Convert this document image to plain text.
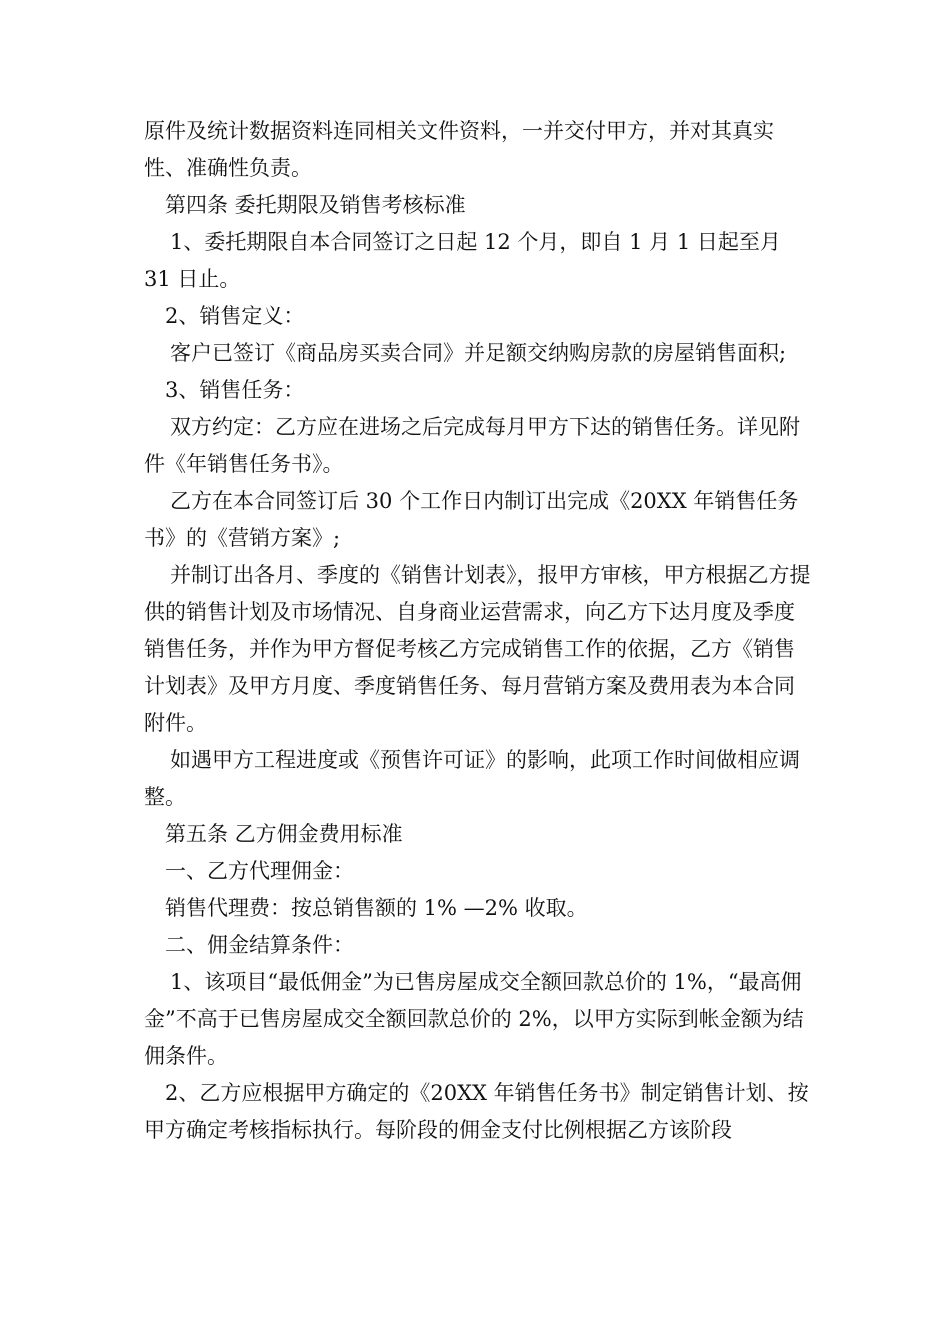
原件及统计数据资料连同相关文件资料，一并交付甲方，并对其真实性、准确性负责。

第四条 委托期限及销售考核标准

1、委托期限自本合同签订之日起 12 个月，即自 1 月 1 日起至月 31 日止。

2、销售定义：

客户已签订《商品房买卖合同》并足额交纳购房款的房屋销售面积;

3、销售任务：

双方约定：乙方应在进场之后完成每月甲方下达的销售任务。详见附件《年销售任务书》。

乙方在本合同签订后 30 个工作日内制订出完成《20XX 年销售任务书》的《营销方案》;

并制订出各月、季度的《销售计划表》，报甲方审核，甲方根据乙方提供的销售计划及市场情况、自身商业运营需求，向乙方下达月度及季度销售任务，并作为甲方督促考核乙方完成销售工作的依据，乙方《销售计划表》及甲方月度、季度销售任务、每月营销方案及费用表为本合同附件。

如遇甲方工程进度或《预售许可证》的影响，此项工作时间做相应调整。

第五条 乙方佣金费用标准

一、乙方代理佣金：

销售代理费：按总销售额的 1% —2% 收取。

二、佣金结算条件：

1、该项目“最低佣金”为已售房屋成交全额回款总价的 1%，“最高佣金”不高于已售房屋成交全额回款总价的 2%，以甲方实际到帐金额为结佣条件。

2、乙方应根据甲方确定的《20XX 年销售任务书》制定销售计划、按甲方确定考核指标执行。每阶段的佣金支付比例根据乙方该阶段
